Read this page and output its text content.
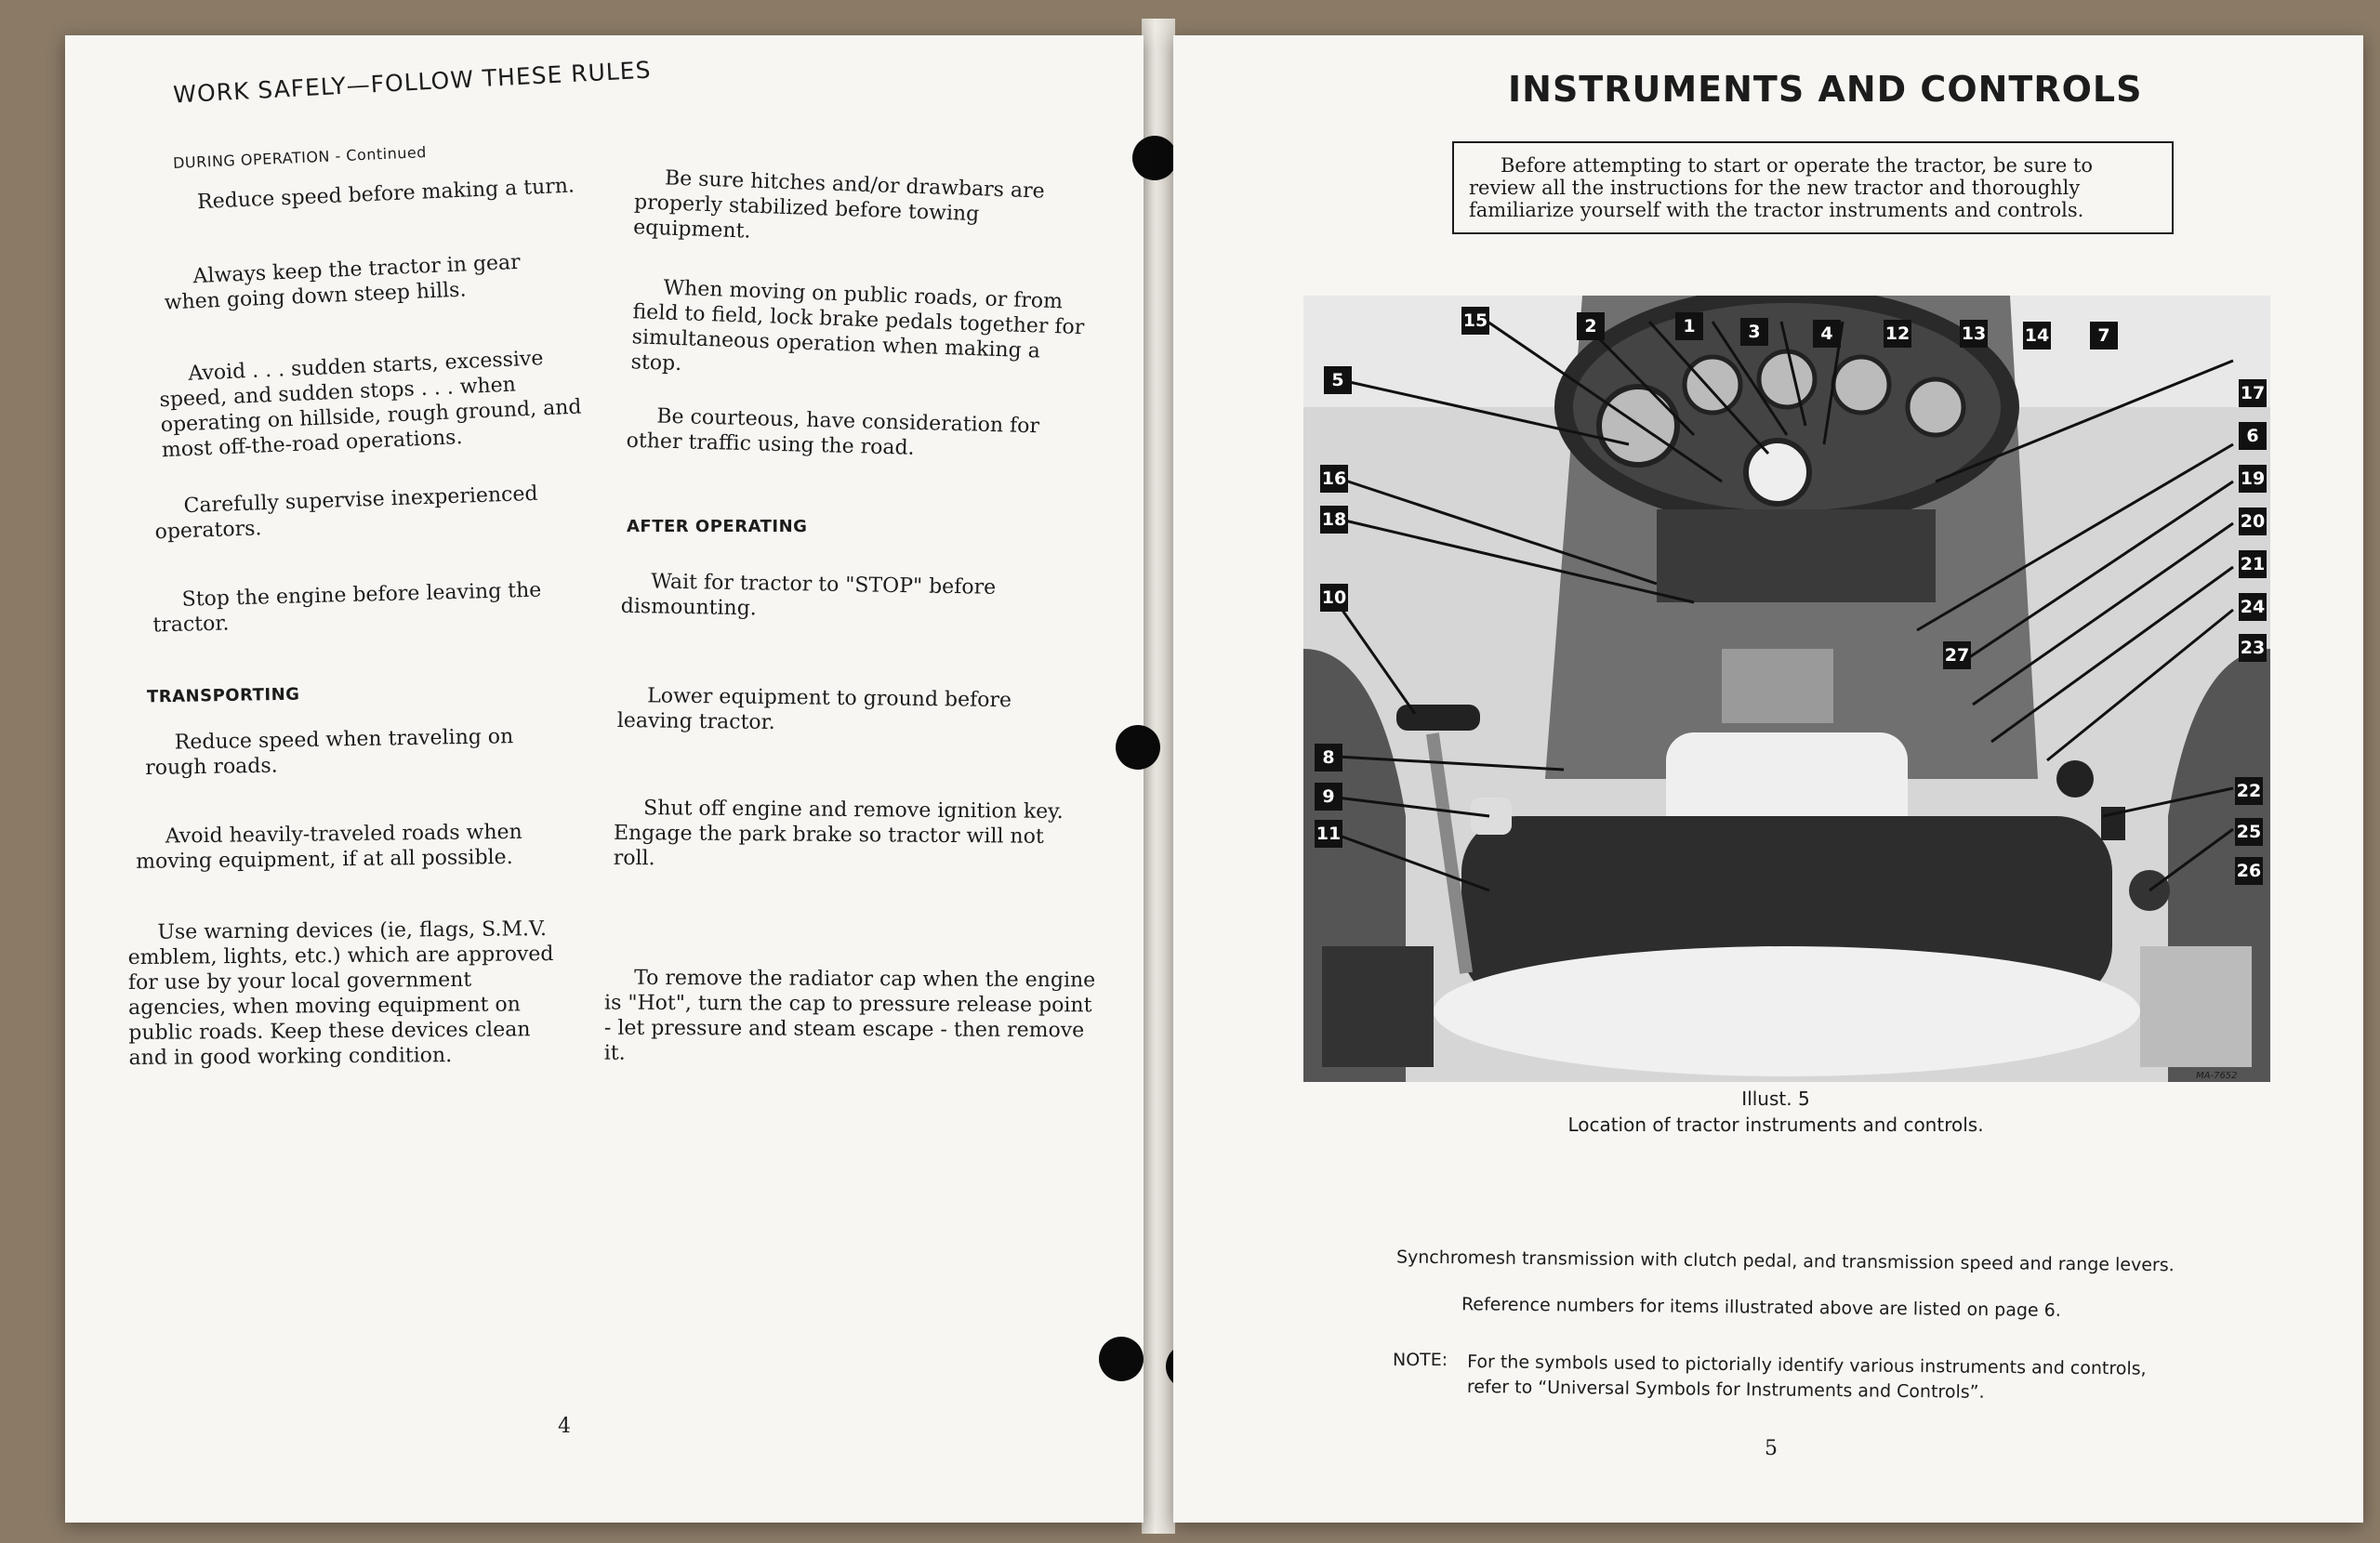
WORK SAFELY—FOLLOW THESE RULES
DURING OPERATION - Continued
Reduce speed before making a turn.
Always keep the tractor in gear when going down steep hills.
Avoid . . . sudden starts, excessive speed, and sudden stops . . . when operating on hillside, rough ground, and most off-the-road operations.
Carefully supervise inexperienced operators.
Stop the engine before leaving the tractor.
TRANSPORTING
Reduce speed when traveling on rough roads.
Avoid heavily-traveled roads when moving equipment, if at all possible.
Use warning devices (ie, flags, S.M.V. emblem, lights, etc.) which are approved for use by your local government agencies, when moving equipment on public roads. Keep these devices clean and in good working condition.
Be sure hitches and/or drawbars are properly stabilized before towing equipment.
When moving on public roads, or from field to field, lock brake pedals together for simultaneous operation when making a stop.
Be courteous, have consideration for other traffic using the road.
AFTER OPERATING
Wait for tractor to "STOP" before dismounting.
Lower equipment to ground before leaving tractor.
Shut off engine and remove ignition key. Engage the park brake so tractor will not roll.
To remove the radiator cap when the engine is "Hot", turn the cap to pressure release point - let pressure and steam escape - then remove it.
4
INSTRUMENTS AND CONTROLS
Before attempting to start or operate the tractor, be sure to review all the instructions for the new tractor and thoroughly familiarize yourself with the tractor instruments and controls.
15	2	1	3	4	12	13 14	7
5
17
6
16	19
18	20
21
10	24
23
27
8
22
9
25
11
26
MA-7652
Illust. 5
Location of tractor instruments and controls.
Synchromesh transmission with clutch pedal, and transmission speed and range levers.
Reference numbers for items illustrated above are listed on page 6.
NOTE: For the symbols used to pictorially identify various instruments and controls, refer to “Universal Symbols for Instruments and Controls”.
5
